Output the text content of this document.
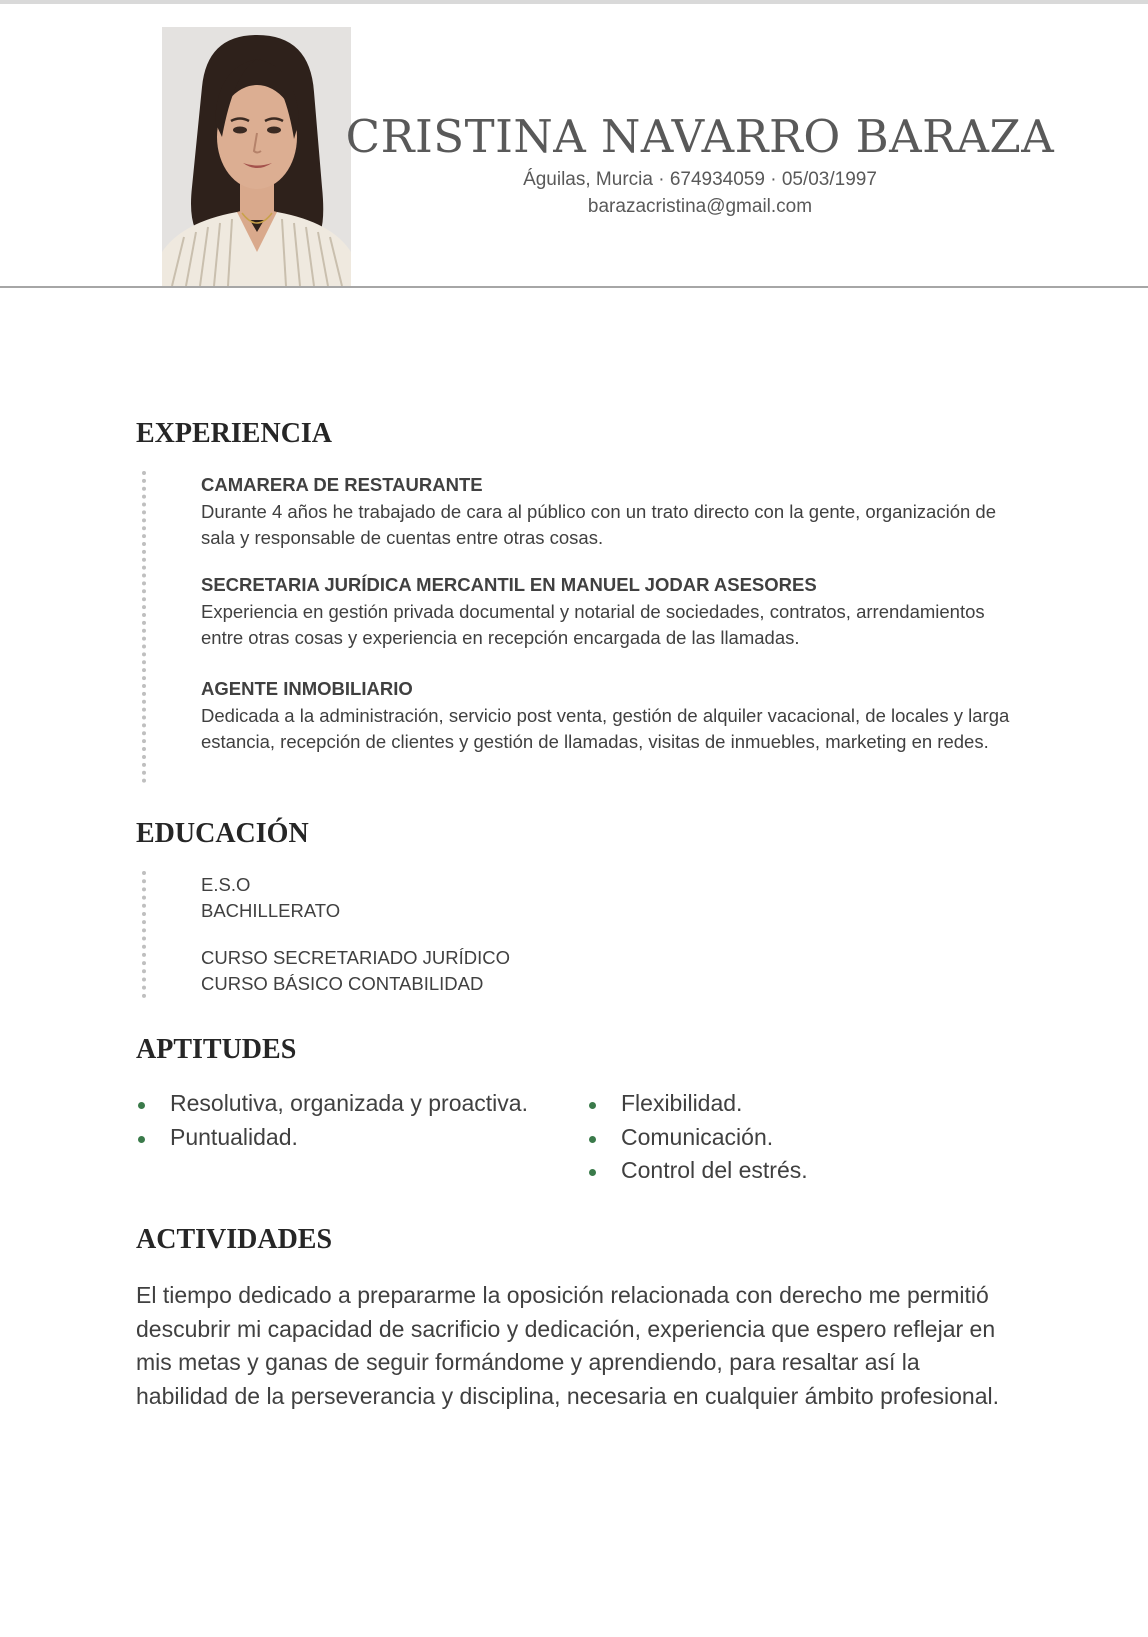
CRISTINA NAVARRO BARAZA
Águilas, Murcia · 674934059 · 05/03/1997
barazacristina@gmail.com
EXPERIENCIA
CAMARERA DE RESTAURANTE
Durante 4 años he trabajado de cara al público con un trato directo con la gente, organización de sala y responsable de cuentas entre otras cosas.
SECRETARIA JURÍDICA MERCANTIL EN MANUEL JODAR ASESORES
Experiencia en gestión privada documental y notarial de sociedades, contratos, arrendamientos entre otras cosas y experiencia en recepción encargada de las llamadas.
AGENTE INMOBILIARIO
Dedicada a la administración, servicio post venta, gestión de alquiler vacacional, de locales y larga estancia, recepción de clientes y gestión de llamadas, visitas de inmuebles, marketing en redes.
EDUCACIÓN
E.S.O
BACHILLERATO
CURSO SECRETARIADO JURÍDICO
CURSO BÁSICO CONTABILIDAD
APTITUDES
Resolutiva, organizada y proactiva.
Puntualidad.
Flexibilidad.
Comunicación.
Control del estrés.
ACTIVIDADES

El tiempo dedicado a prepararme la oposición relacionada con derecho me permitió descubrir mi capacidad de sacrificio y dedicación, experiencia que espero reflejar en mis metas y ganas de seguir formándome y aprendiendo, para resaltar así la habilidad de la perseverancia y disciplina, necesaria en cualquier ámbito profesional.
